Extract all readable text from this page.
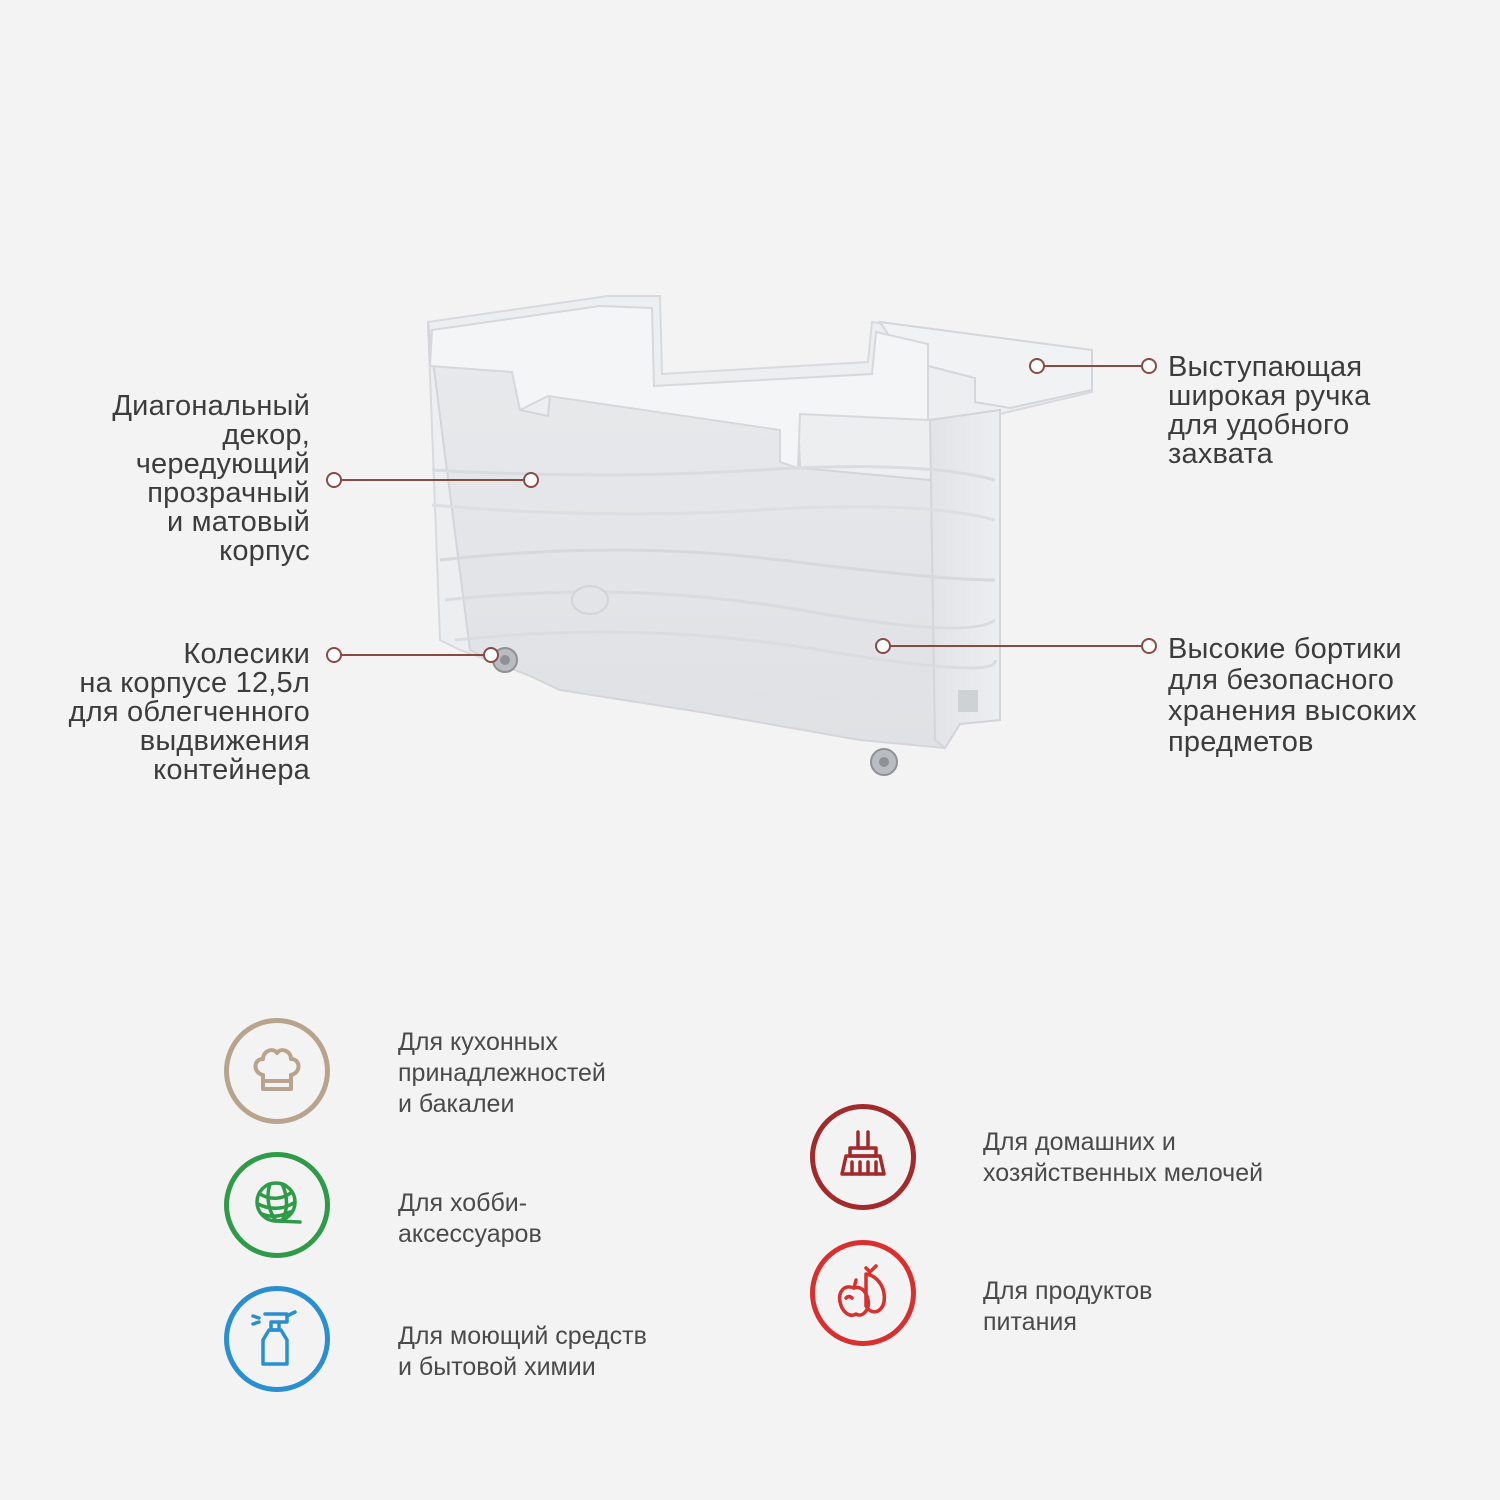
Диагональный
декор,
чередующий
прозрачный
и матовый
корпус
Колесики
на корпусе 12,5л
для облегченного
выдвижения
контейнера
Выступающая
широкая ручка
для удобного
захвата
Высокие бортики
для безопасного
хранения высоких
предметов
Для кухонных
принадлежностей
и бакалеи
Для хобби-
аксессуаров
Для моющий средств
и бытовой химии
Для домашних и
хозяйственных мелочей
Для продуктов
питания
